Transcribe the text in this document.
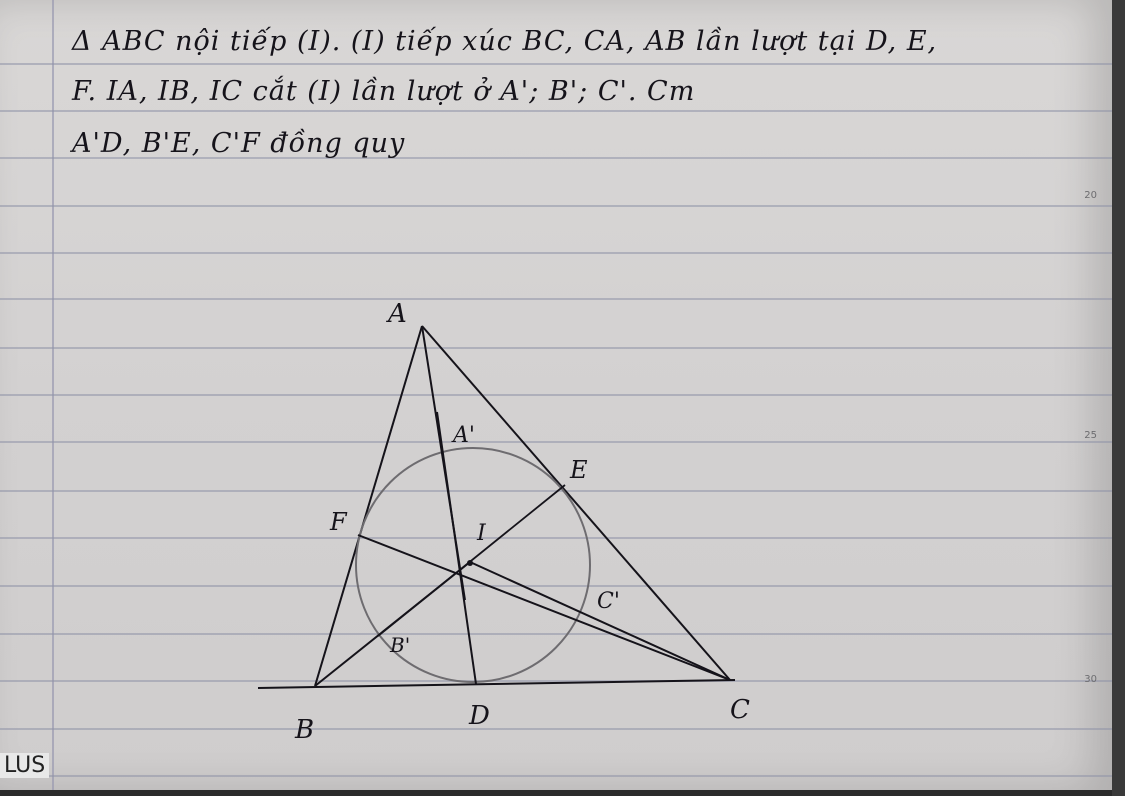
20
25
30
Δ ABC nội tiếp (I). (I) tiếp xúc BC, CA, AB lần lượt tại D, E,
F. IA, IB, IC cắt (I) lần lượt ở A'; B'; C'. Cm
A'D, B'E, C'F đồng quy
A
B
C
D
E
F	I
A'
B'
C'
LUS
